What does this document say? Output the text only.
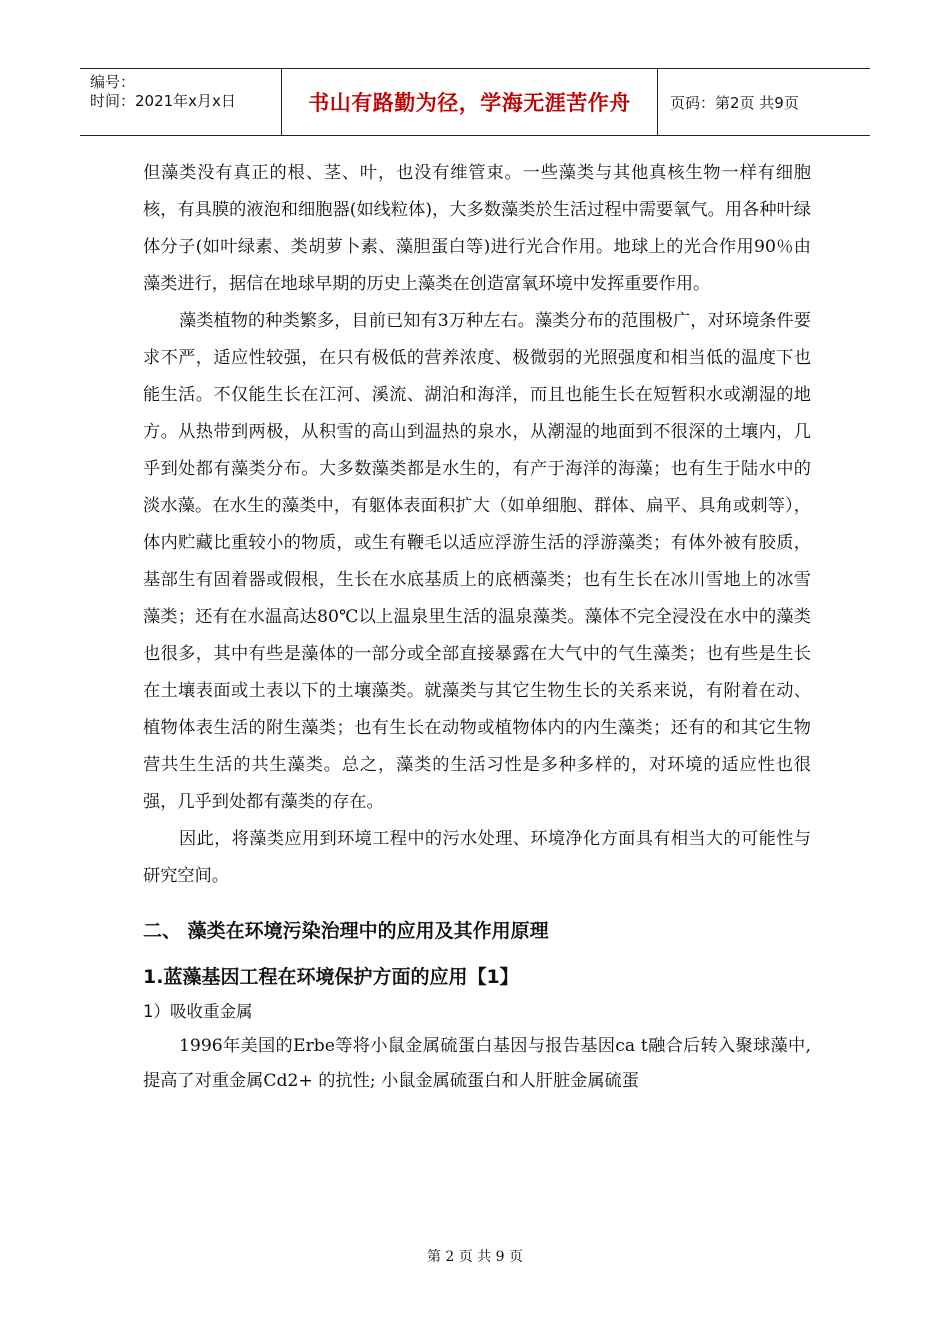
编号：
时间：2021年x月x日	书山有路勤为径，学海无涯苦作舟	页码：第2页 共9页

但藻类没有真正的根、茎、叶，也没有维管束。一些藻类与其他真核生物一样有细胞核，有具膜的液泡和细胞器(如线粒体)，大多数藻类於生活过程中需要氧气。用各种叶绿体分子(如叶绿素、类胡萝卜素、藻胆蛋白等)进行光合作用。地球上的光合作用90％由藻类进行，据信在地球早期的历史上藻类在创造富氧环境中发挥重要作用。

藻类植物的种类繁多，目前已知有3万种左右。藻类分布的范围极广，对环境条件要求不严，适应性较强，在只有极低的营养浓度、极微弱的光照强度和相当低的温度下也能生活。不仅能生长在江河、溪流、湖泊和海洋，而且也能生长在短暂积水或潮湿的地方。从热带到两极，从积雪的高山到温热的泉水，从潮湿的地面到不很深的土壤内，几乎到处都有藻类分布。大多数藻类都是水生的，有产于海洋的海藻；也有生于陆水中的淡水藻。在水生的藻类中，有躯体表面积扩大（如单细胞、群体、扁平、具角或刺等），体内贮藏比重较小的物质，或生有鞭毛以适应浮游生活的浮游藻类；有体外被有胶质，基部生有固着器或假根，生长在水底基质上的底栖藻类；也有生长在冰川雪地上的冰雪藻类；还有在水温高达80℃以上温泉里生活的温泉藻类。藻体不完全浸没在水中的藻类也很多，其中有些是藻体的一部分或全部直接暴露在大气中的气生藻类；也有些是生长在土壤表面或土表以下的土壤藻类。就藻类与其它生物生长的关系来说，有附着在动、植物体表生活的附生藻类；也有生长在动物或植物体内的内生藻类；还有的和其它生物营共生生活的共生藻类。总之，藻类的生活习性是多种多样的，对环境的适应性也很强，几乎到处都有藻类的存在。

因此，将藻类应用到环境工程中的污水处理、环境净化方面具有相当大的可能性与研究空间。

二、 藻类在环境污染治理中的应用及其作用原理

1.蓝藻基因工程在环境保护方面的应用【1】

1）吸收重金属

1996年美国的Erbe等将小鼠金属硫蛋白基因与报告基因ca t融合后转入聚球藻中, 提高了对重金属Cd2+ 的抗性; 小鼠金属硫蛋白和人肝脏金属硫蛋

第 2 页 共 9 页
